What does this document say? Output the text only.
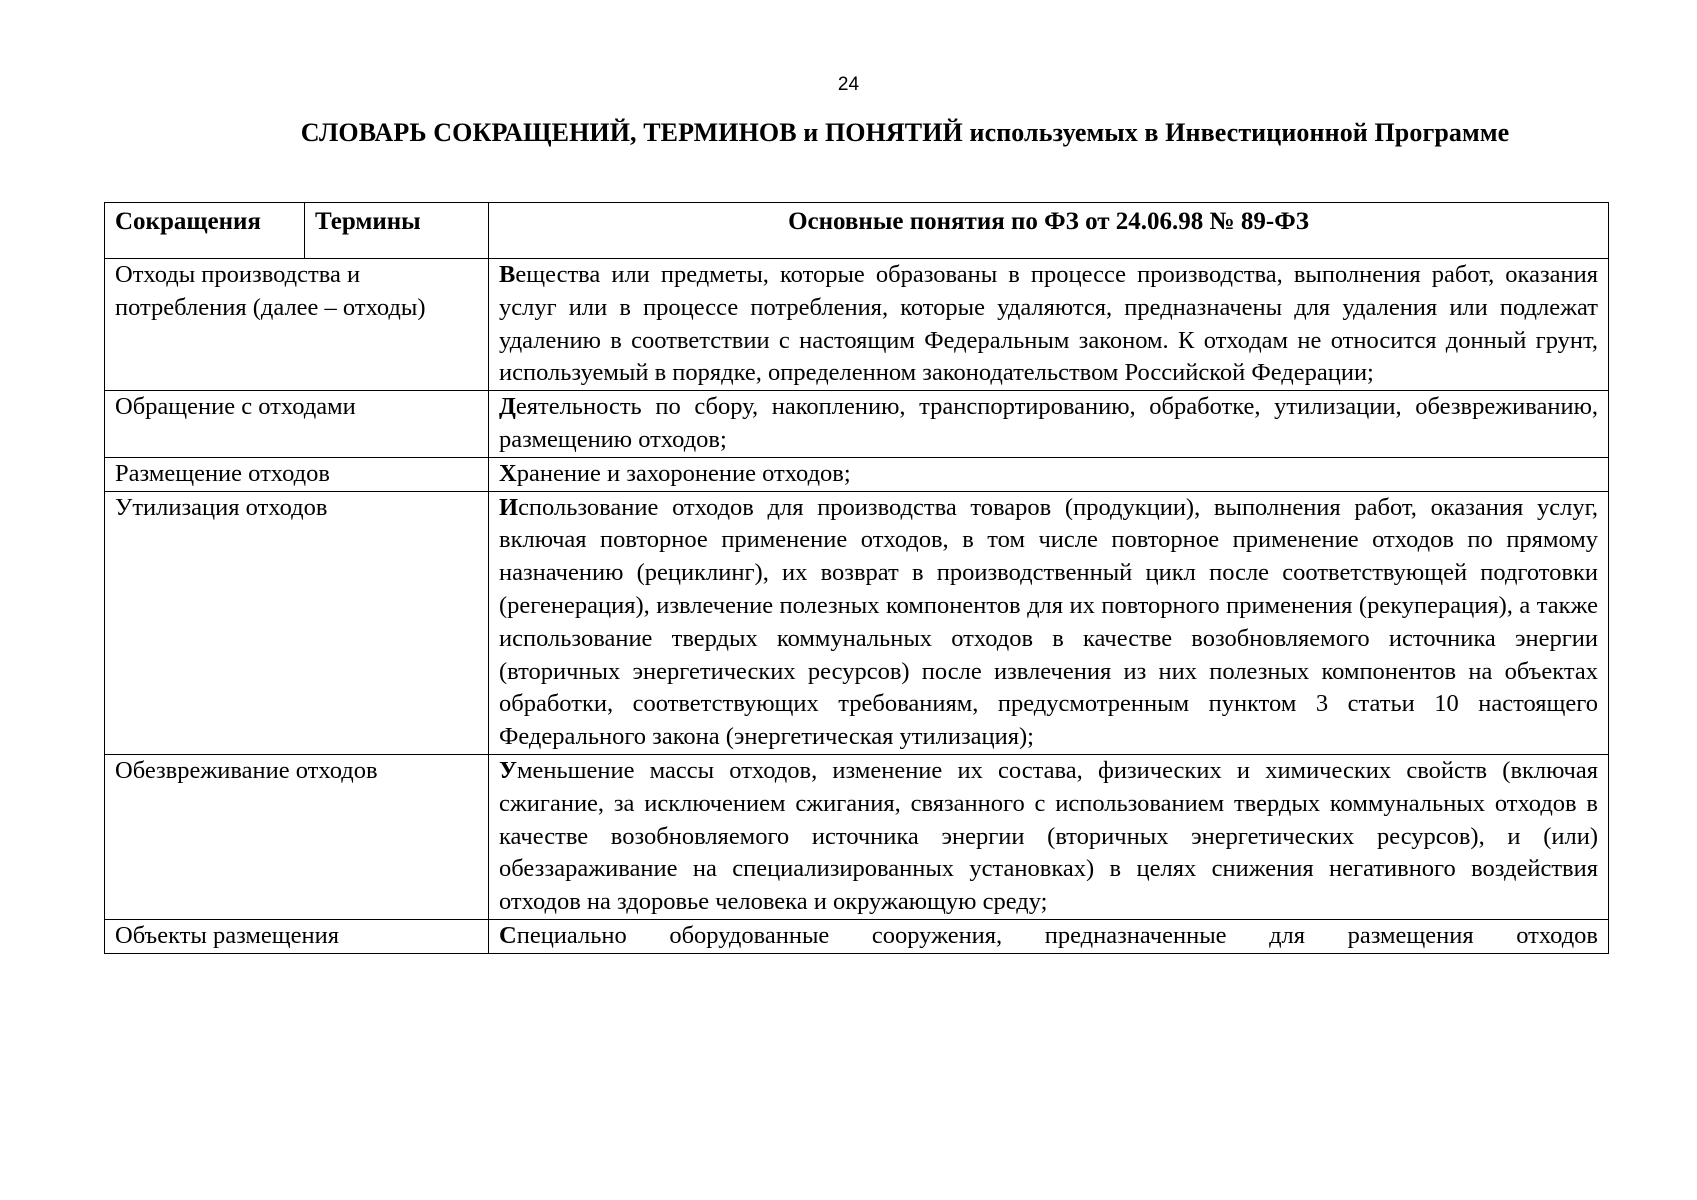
24
СЛОВАРЬ СОКРАЩЕНИЙ, ТЕРМИНОВ и ПОНЯТИЙ используемых в Инвестиционной Программе
Сокращения	Термины	Основные понятия по ФЗ от 24.06.98 № 89-ФЗ
Отходы производства и потребления (далее – отходы)		Вещества или предметы, которые образованы в процессе производства, выполнения работ, оказания услуг или в процессе потребления, которые удаляются, предназначены для удаления или подлежат удалению в соответствии с настоящим Федеральным законом. К отходам не относится донный грунт, используемый в порядке, определенном законодательством Российской Федерации;
Обращение с отходами		Деятельность по сбору, накоплению, транспортированию, обработке, утилизации, обезвреживанию, размещению отходов;
Размещение отходов		Хранение и захоронение отходов;
Утилизация отходов		Использование отходов для производства товаров (продукции), выполнения работ, оказания услуг, включая повторное применение отходов, в том числе повторное применение отходов по прямому назначению (рециклинг), их возврат в производственный цикл после соответствующей подготовки (регенерация), извлечение полезных компонентов для их повторного применения (рекуперация), а также использование твердых коммунальных отходов в качестве возобновляемого источника энергии (вторичных энергетических ресурсов) после извлечения из них полезных компонентов на объектах обработки, соответствующих требованиям, предусмотренным пунктом 3 статьи 10 настоящего Федерального закона (энергетическая утилизация);
Обезвреживание отходов		Уменьшение массы отходов, изменение их состава, физических и химических свойств (включая сжигание, за исключением сжигания, связанного с использованием твердых коммунальных отходов в качестве возобновляемого источника энергии (вторичных энергетических ресурсов), и (или) обеззараживание на специализированных установках) в целях снижения негативного воздействия отходов на здоровье человека и окружающую среду;
Объекты размещения		Специально оборудованные сооружения, предназначенные для размещения отходов
